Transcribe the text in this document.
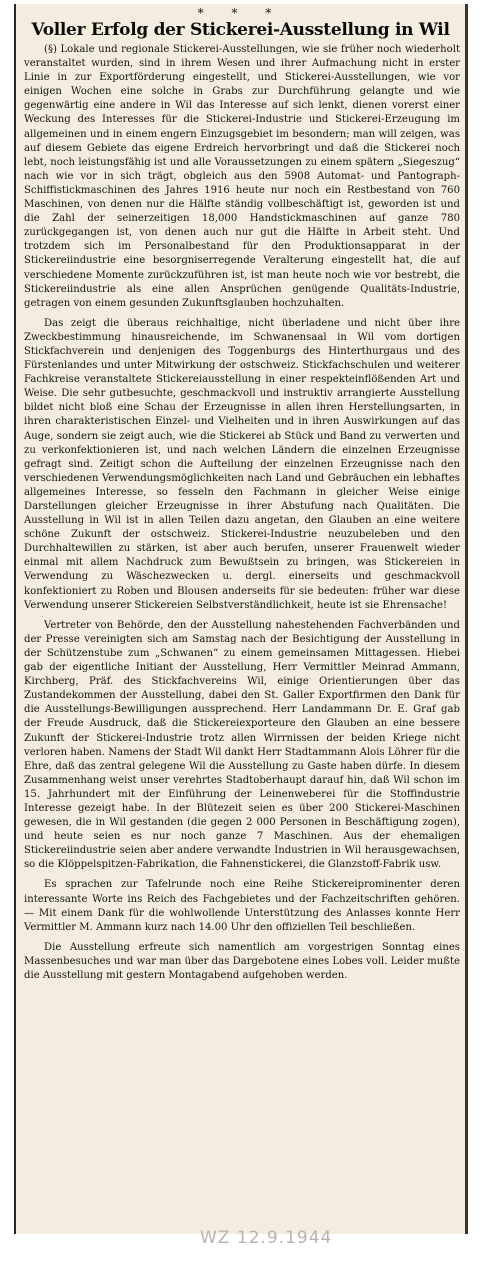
* * *
Voller Erfolg der Stickerei-Ausstellung in Wil

(§) Lokale und regionale Stickerei-Ausstellungen, wie sie früher noch wiederholt veranstaltet wurden, sind in ihrem Wesen und ihrer Aufmachung nicht in erster Linie in zur Exportförderung eingestellt, und Stickerei-Ausstellungen, wie vor einigen Wochen eine solche in Grabs zur Durchführung gelangte und wie gegenwärtig eine andere in Wil das Interesse auf sich lenkt, dienen vorerst einer Weckung des Interesses für die Stickerei-Industrie und Stickerei-Erzeugung im allgemeinen und in einem engern Einzugsgebiet im besondern; man will zeigen, was auf diesem Gebiete das eigene Erdreich hervorbringt und daß die Stickerei noch lebt, noch leistungsfähig ist und alle Voraussetzungen zu einem spätern „Siegeszug“ nach wie vor in sich trägt, obgleich aus den 5908 Automat- und Pantograph-Schiffistickmaschinen des Jahres 1916 heute nur noch ein Restbestand von 760 Maschinen, von denen nur die Hälfte ständig vollbeschäftigt ist, geworden ist und die Zahl der seinerzeitigen 18,000 Handstickmaschinen auf ganze 780 zurückgegangen ist, von denen auch nur gut die Hälfte in Arbeit steht. Und trotzdem sich im Personalbestand für den Produktionsapparat in der Stickereiindustrie eine besorgniserregende Veralterung eingestellt hat, die auf verschiedene Momente zurückzuführen ist, ist man heute noch wie vor bestrebt, die Stickereiindustrie als eine allen Ansprüchen genügende Qualitäts-Industrie, getragen von einem gesunden Zukunftsglauben hochzuhalten.

Das zeigt die überaus reichhaltige, nicht überladene und nicht über ihre Zweckbestimmung hinausreichende, im Schwanensaal in Wil vom dortigen Stickfachverein und denjenigen des Toggenburgs des Hinterthurgaus und des Fürstenlandes und unter Mitwirkung der ostschweiz. Stickfachschulen und weiterer Fachkreise veranstaltete Stickereiausstellung in einer respekteinflößenden Art und Weise. Die sehr gutbesuchte, geschmackvoll und instruktiv arrangierte Ausstellung bildet nicht bloß eine Schau der Erzeugnisse in allen ihren Herstellungsarten, in ihren charakteristischen Einzel- und Vielheiten und in ihren Auswirkungen auf das Auge, sondern sie zeigt auch, wie die Stickerei ab Stück und Band zu verwerten und zu verkonfektionieren ist, und nach welchen Ländern die einzelnen Erzeugnisse gefragt sind. Zeitigt schon die Aufteilung der einzelnen Erzeugnisse nach den verschiedenen Verwendungsmöglichkeiten nach Land und Gebräuchen ein lebhaftes allgemeines Interesse, so fesseln den Fachmann in gleicher Weise einige Darstellungen gleicher Erzeugnisse in ihrer Abstufung nach Qualitäten. Die Ausstellung in Wil ist in allen Teilen dazu angetan, den Glauben an eine weitere schöne Zukunft der ostschweiz. Stickerei-Industrie neuzubeleben und den Durchhaltewillen zu stärken, ist aber auch berufen, unserer Frauenwelt wieder einmal mit allem Nachdruck zum Bewußtsein zu bringen, was Stickereien in Verwendung zu Wäschezwecken u. dergl. einerseits und geschmackvoll konfektioniert zu Roben und Blousen anderseits für sie bedeuten: früher war diese Verwendung unserer Stickereien Selbstverständlichkeit, heute ist sie Ehrensache!

Vertreter von Behörde, den der Ausstellung nahestehenden Fachverbänden und der Presse vereinigten sich am Samstag nach der Besichtigung der Ausstellung in der Schützenstube zum „Schwanen“ zu einem gemeinsamen Mittagessen. Hiebei gab der eigentliche Initiant der Ausstellung, Herr Vermittler Meinrad Ammann, Kirchberg, Präf. des Stickfachvereins Wil, einige Orientierungen über das Zustandekommen der Ausstellung, dabei den St. Galler Exportfirmen den Dank für die Ausstellungs-Bewilligungen aussprechend. Herr Landammann Dr. E. Graf gab der Freude Ausdruck, daß die Stickereiexporteure den Glauben an eine bessere Zukunft der Stickerei-Industrie trotz allen Wirrnissen der beiden Kriege nicht verloren haben. Namens der Stadt Wil dankt Herr Stadtammann Alois Löhrer für die Ehre, daß das zentral gelegene Wil die Ausstellung zu Gaste haben dürfe. In diesem Zusammenhang weist unser verehrtes Stadtoberhaupt darauf hin, daß Wil schon im 15. Jahrhundert mit der Einführung der Leinenweberei für die Stoffindustrie Interesse gezeigt habe. In der Blütezeit seien es über 200 Stickerei-Maschinen gewesen, die in Wil gestanden (die gegen 2 000 Personen in Beschäftigung zogen), und heute seien es nur noch ganze 7 Maschinen. Aus der ehemaligen Stickereiindustrie seien aber andere verwandte Industrien in Wil herausgewachsen, so die Klöppelspitzen-Fabrikation, die Fahnenstickerei, die Glanzstoff-Fabrik usw.

Es sprachen zur Tafelrunde noch eine Reihe Stickereiprominenter deren interessante Worte ins Reich des Fachgebietes und der Fachzeitschriften gehören. — Mit einem Dank für die wohlwollende Unterstützung des Anlasses konnte Herr Vermittler M. Ammann kurz nach 14.00 Uhr den offiziellen Teil beschließen.

Die Ausstellung erfreute sich namentlich am vorgestrigen Sonntag eines Massenbesuches und war man über das Dargebotene eines Lobes voll. Leider mußte die Ausstellung mit gestern Montagabend aufgehoben werden.

WZ 12.9.1944
